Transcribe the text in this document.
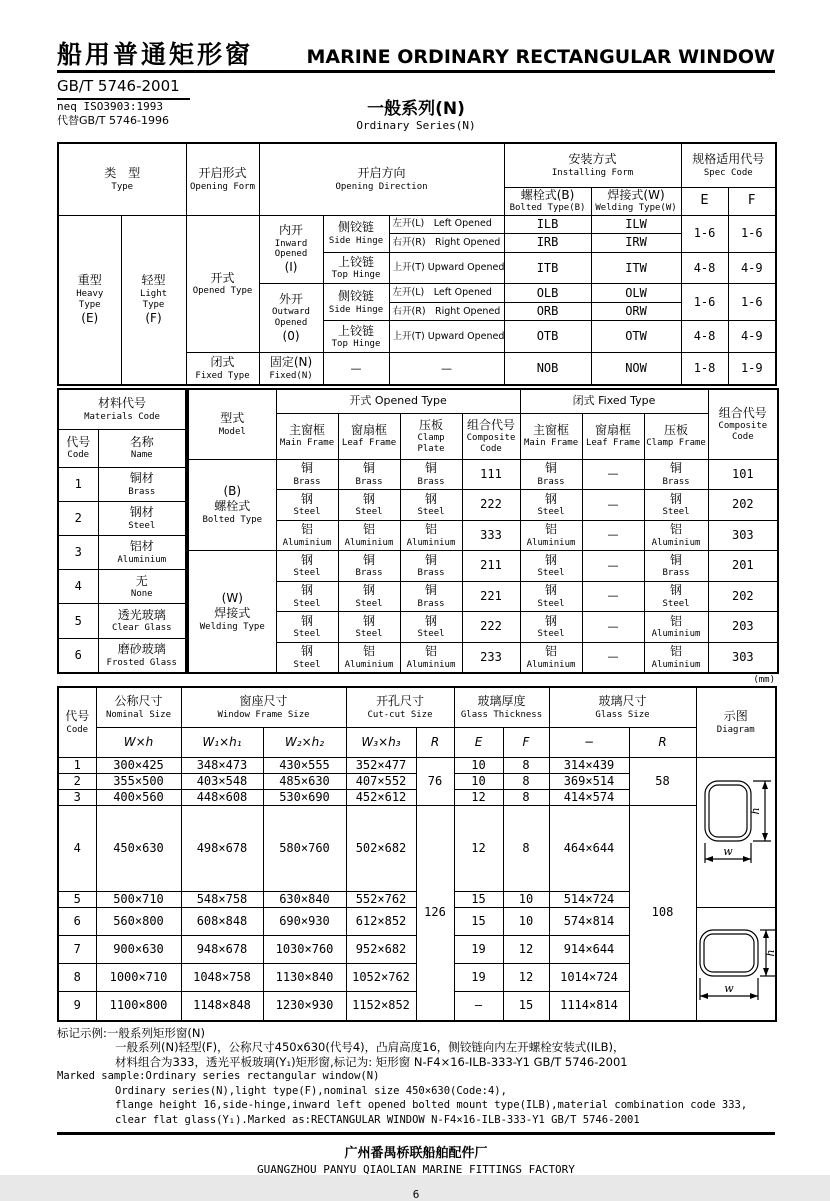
船用普通矩形窗	MARINE ORDINARY RECTANGULAR WINDOW
GB/T 5746-2001
neq ISO3903:1993
代替GB/T 5746-1996
一般系列(N)
Ordinary Series(N)
类　型
Type		开启形式
Opening Form	开启方向
Opening Direction			安装方式
Installing Form		规格适用代号
Spec Code	

						螺栓式(B)
Bolted Type(B)	焊接式(W)
Welding Type(W)	E	F

重型
Heavy
Type
(E)	轻型
Light
Type
(F)	开式
Opened Type	内开
Inward
Opened
(I)	侧铰链
Side Hinge	左开(L)　Left Opened	ILB	ILW	1-6	1-6
					右开(R)　Right Opened	IRB	IRW		

				上铰链
Top Hinge	上开(T) Upward Opened	ITB	ITW	4-8	4-9

			外开
Outward
Opened
(0)	侧铰链
Side Hinge	左开(L)　Left Opened	OLB	OLW	1-6	1-6
					右开(R)　Right Opened	ORB	ORW		

				上铰链
Top Hinge	上开(T) Upward Opened	OTB	OTW	4-8	4-9

		闭式
Fixed Type	固定(N)
Fixed(N)	—	—	NOB	NOW	1-8	1-9
材料代号
Materials Code	

代号
Code	名称
Name

1	铜材
Brass

2	钢材
Steel

3	铝材
Aluminium

4	无
None

5	透光玻璃
Clear Glass

6	磨砂玻璃
Frosted Glass
型式
Model	开式 Opened Type				闭式 Fixed Type			组合代号
Composite
Code

	主窗框
Main Frame	窗扇框
Leaf Frame	压板
Clamp Plate	组合代号
Composite
Code	主窗框
Main Frame	窗扇框
Leaf Frame	压板
Clamp Frame	

(B)
螺栓式
Bolted Type	铜
Brass	铜
Brass	铜
Brass	111	铜
Brass	—	铜
Brass	101

	钢
Steel	钢
Steel	钢
Steel	222	钢
Steel	—	钢
Steel	202

	铝
Aluminium	铝
Aluminium	铝
Aluminium	333	铝
Aluminium	—	铝
Aluminium	303

(W)
焊接式
Welding Type	钢
Steel	铜
Brass	铜
Brass	211	钢
Steel	—	铜
Brass	201

	钢
Steel	钢
Steel	铜
Brass	221	钢
Steel	—	钢
Steel	202

	钢
Steel	钢
Steel	钢
Steel	222	钢
Steel	—	铝
Aluminium	203

	钢
Steel	铝
Aluminium	铝
Aluminium	233	铝
Aluminium	—	铝
Aluminium	303
(mm)
代号
Code	公称尺寸
Nominal Size	窗座尺寸
Window Frame Size		开孔尺寸
Cut-cut Size		玻璃厚度
Glass Thickness		玻璃尺寸
Glass Size		示图
Diagram

	W×h	W₁×h₁	W₂×h₂	W₃×h₃	R	E	F	−	R	
1	300×425	348×473	430×555	352×477	76	10	8	314×439	58	h
w

2	355×500	403×548	485×630	407×552		10	8	369×514		
3	400×560	448×608	530×690	452×612		12	8	414×574		
4	450×630	498×678	580×760	502×682	126	12	8	464×644	108	
5	500×710	548×758	630×840	552×762		15	10	514×724		
6	560×800	608×848	690×930	612×852		15	10	574×814		h
w

7	900×630	948×678	1030×760	952×682		19	12	914×644		
8	1000×710	1048×758	1130×840	1052×762		19	12	1014×724		
9	1100×800	1148×848	1230×930	1152×852		—	15	1114×814		
标记示例:一般系列矩形窗(N)
一般系列(N)轻型(F)，公称尺寸450x630(代号4)，凸肩高度16，侧铰链向内左开螺栓安装式(ILB)，
材料组合为333，透光平板玻璃(Y₁)矩形窗,标记为: 矩形窗 N-F4×16-ILB-333-Y1 GB/T 5746-2001
Marked sample:Ordinary series rectangular window(N)
Ordinary series(N),light type(F),nominal size 450×630(Code:4),
flange height 16,side-hinge,inward left opened bolted mount type(ILB),material combination code 333,
clear flat glass(Y₁).Marked as:RECTANGULAR WINDOW N-F4×16-ILB-333-Y1 GB/T 5746-2001
广州番禺桥联船舶配件厂
GUANGZHOU PANYU QIAOLIAN MARINE FITTINGS FACTORY
6
